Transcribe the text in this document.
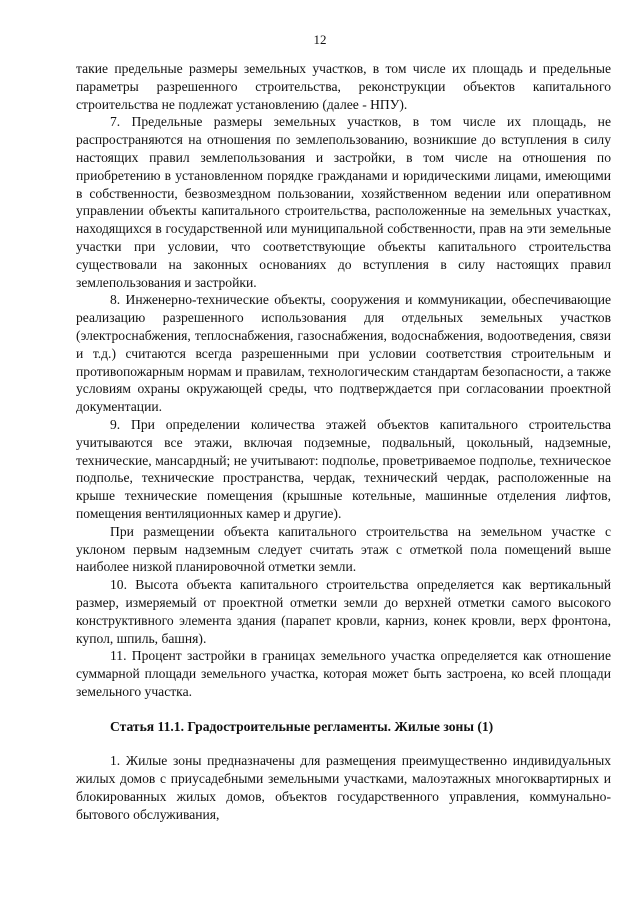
12

такие предельные размеры земельных участков, в том числе их площадь и предельные параметры разрешенного строительства, реконструкции объектов капитального строительства не подлежат установлению (далее - НПУ).

7. Предельные размеры земельных участков, в том числе их площадь, не распространяются на отношения по землепользованию, возникшие до вступления в силу настоящих правил землепользования и застройки, в том числе на отношения по приобретению в установленном порядке гражданами и юридическими лицами, имеющими в собственности, безвозмездном пользовании, хозяйственном ведении или оперативном управлении объекты капитального строительства, расположенные на земельных участках, находящихся в государственной или муниципальной собственности, прав на эти земельные участки при условии, что соответствующие объекты капитального строительства существовали на законных основаниях до вступления в силу настоящих правил землепользования и застройки.

8. Инженерно-технические объекты, сооружения и коммуникации, обеспечивающие реализацию разрешенного использования для отдельных земельных участков (электроснабжения, теплоснабжения, газоснабжения, водоснабжения, водоотведения, связи и т.д.) считаются всегда разрешенными при условии соответствия строительным и противопожарным нормам и правилам, технологическим стандартам безопасности, а также условиям охраны окружающей среды, что подтверждается при согласовании проектной документации.

9. При определении количества этажей объектов капитального строительства учитываются все этажи, включая подземные, подвальный, цокольный, надземные, технические, мансардный; не учитывают: подполье, проветриваемое подполье, техническое подполье, технические пространства, чердак, технический чердак, расположенные на крыше технические помещения (крышные котельные, машинные отделения лифтов, помещения вентиляционных камер и другие).

При размещении объекта капитального строительства на земельном участке с уклоном первым надземным следует считать этаж с отметкой пола помещений выше наиболее низкой планировочной отметки земли.

10. Высота объекта капитального строительства определяется как вертикальный размер, измеряемый от проектной отметки земли до верхней отметки самого высокого конструктивного элемента здания (парапет кровли, карниз, конек кровли, верх фронтона, купол, шпиль, башня).

11. Процент застройки в границах земельного участка определяется как отношение суммарной площади земельного участка, которая может быть застроена, ко всей площади земельного участка.

Статья 11.1. Градостроительные регламенты. Жилые зоны (1)

1. Жилые зоны предназначены для размещения преимущественно индивидуальных жилых домов с приусадебными земельными участками, малоэтажных многоквартирных и блокированных жилых домов, объектов государственного управления, коммунально-бытового обслуживания,
